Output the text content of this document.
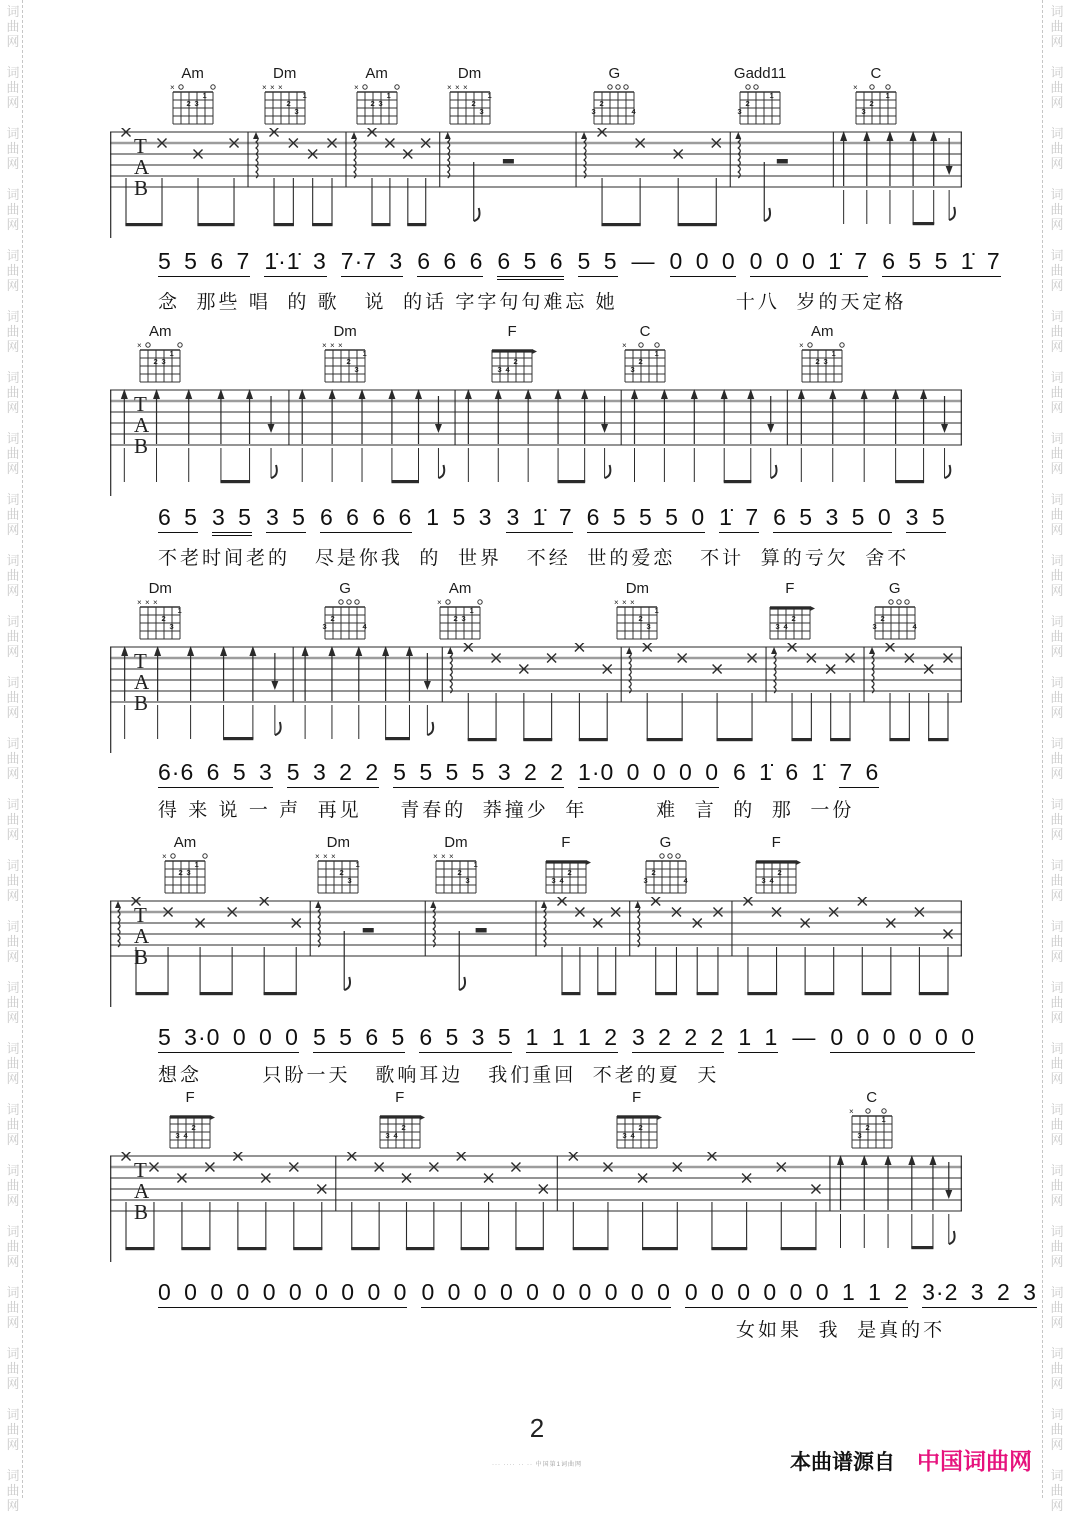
词
曲
网
词
曲
网
词
曲
网
词
曲
网
词
曲
网
词
曲
网
词
曲
网
词
曲
网
词
曲
网
词
曲
网
词
曲
网
词
曲
网
词
曲
网
词
曲
网
词
曲
网
词
曲
网
词
曲
网
词
曲
网
词
曲
网
词
曲
网
词
曲
网
词
曲
网
词
曲
网
词
曲
网
词
曲
网
词
曲
网
词
曲
网
词
曲
网
词
曲
网
词
曲
网
词
曲
网
词
曲
网
词
曲
网
词
曲
网
词
曲
网
词
曲
网
词
曲
网
词
曲
网
词
曲
网
词
曲
网
词
曲
网
词
曲
网
词
曲
网
词
曲
网
词
曲
网
词
曲
网
词
曲
网
词
曲
网
词
曲
网
词
曲
网
Am
×
2 3
1
Dm
× × ×
2
1
3
Am
×
2 3
1
Dm
× × ×
2
1
3
G
2
3	4
Gadd11
2
3
1
C
×
3
2
1
T
A
B
Am
×
2 3
1
Dm
× × ×
2
1
3
F
3 4
2
C
×
3
2
1
Am
×
2 3
1
T
A
B
Dm
× × ×
2
1
3
G
2
3	4
Am
×
2 3
1
Dm
× × ×
2
1
3
F
3 4
2
G
2
3	4
T
A
B
Am
×
2 3
1
Dm
× × ×
2
1
3
Dm
× × ×
2
1
3
F
3 4
2
G
2
3	4
F
3 4
2
T
A
B
F
3 4
2
F
3 4
2
F
3 4
2
C
×
3
2
1
T
A
B
5 5 6 7 1̇·1̇ 3 7·7 3 6 6 6 6 5 6 5 5 — 0 0 0 0 0 0 1̇ 7 6 5 5 1̇ 7
念  那些 唱  的 歌   说  的话 字字句句难忘 她　　　　　 十八  岁的天定格
6 5 3 5 3 5 6 6 6 6 1 5 3 3 1̇ 7 6 5 5 5 0 1̇ 7 6 5 3 5 0 3 5
不老时间老的   尽是你我  的  世界   不经  世的爱恋   不计  算的亏欠  舍不
6·6 6 5 3 5 3 2 2 5 5 5 5 3 2 2 1·0 0 0 0 0 6 1̇ 6 1̇ 7 6
得 来 说 一 声  再见　  青春的  莽撞少  年　　   难  言  的  那  一份
5 3·0 0 0 0 5 5 6 5 6 5 3 5 1 1 1 2 3 2 2 2 1 1 — 0 0 0 0 0 0
想念　　  只盼一天   歌响耳边   我们重回  不老的夏  天
0 0 0 0 0 0 0 0 0 0 0 0 0 0 0 0 0 0 0 0 0 0 0 0 0 0 1 1 2 3·2 3 2 3
女如果  我  是真的不
2
··· ···· ·· ·· 中国第1词曲网	本曲谱源自 中国词曲网
